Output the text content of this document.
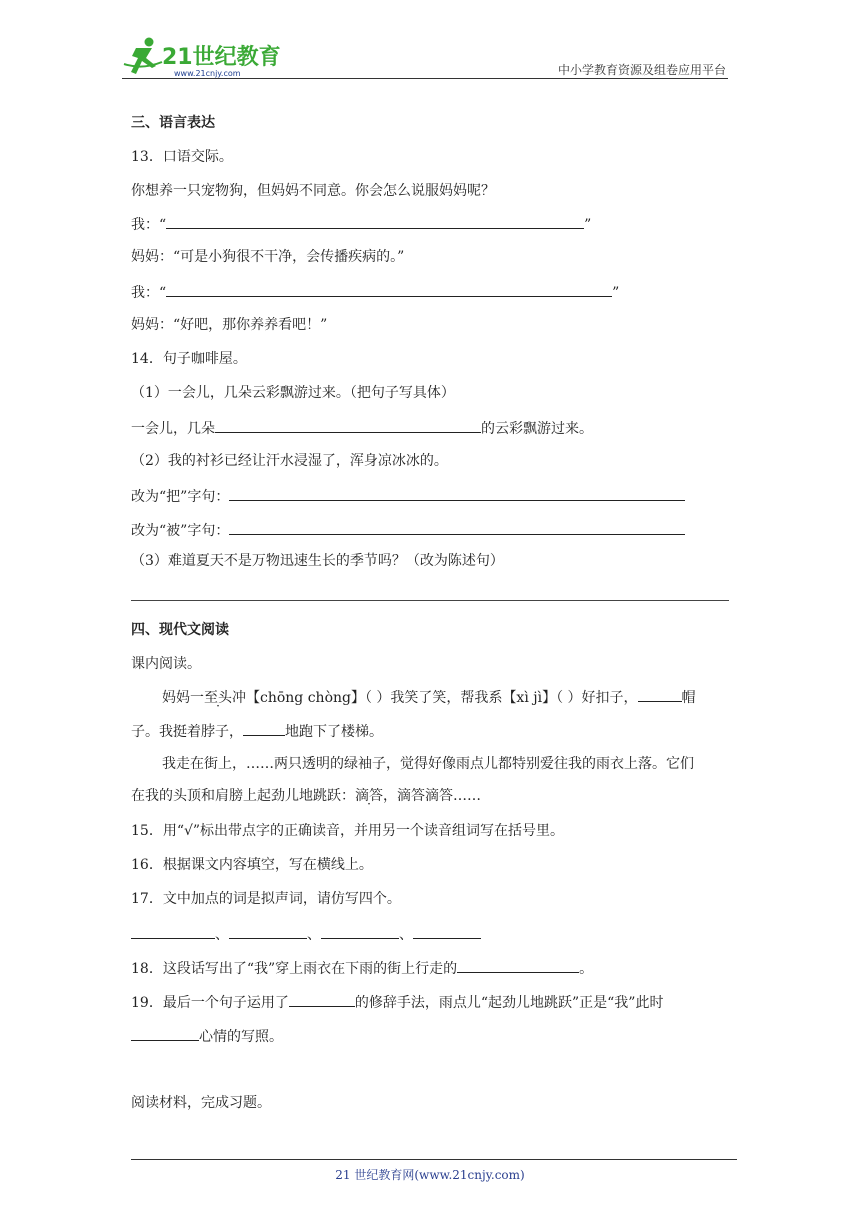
21世纪教育
www.21cnjy.com	中小学教育资源及组卷应用平台
三、语言表达
13．口语交际。
你想养一只宠物狗，但妈妈不同意。你会怎么说服妈妈呢？
我：“	”
妈妈：“可是小狗很不干净，会传播疾病的。”
我：“	”
妈妈：“好吧，那你养养看吧！”
14．句子咖啡屋。
（1）一会儿，几朵云彩飘游过来。（把句子写具体）
一会儿，几朵	的云彩飘游过来。
（2）我的衬衫已经让汗水浸湿了，浑身凉冰冰的。
改为“把”字句：
改为“被”字句：
（3）难道夏天不是万物迅速生长的季节吗？（改为陈述句）
四、现代文阅读
课内阅读。
妈妈一至头冲【chōng chòng】（ ）我笑了笑，帮我系【xì jì】（ ）好扣子，	帽
子。我挺着脖子，	地跑下了楼梯。
我走在街上，……两只透明的绿袖子，觉得好像雨点儿都特别爱往我的雨衣上落。它们
在我的头顶和肩膀上起劲儿地跳跃：滴答，滴答滴答……
15．用“√”标出带点字的正确读音，并用另一个读音组词写在括号里。
16．根据课文内容填空，写在横线上。
17．文中加点的词是拟声词，请仿写四个。
、	、	、
18．这段话写出了“我”穿上雨衣在下雨的街上行走的	。
19．最后一个句子运用了	的修辞手法，雨点儿“起劲儿地跳跃”正是“我”此时
心情的写照。
阅读材料，完成习题。
21 世纪教育网(www.21cnjy.com)
